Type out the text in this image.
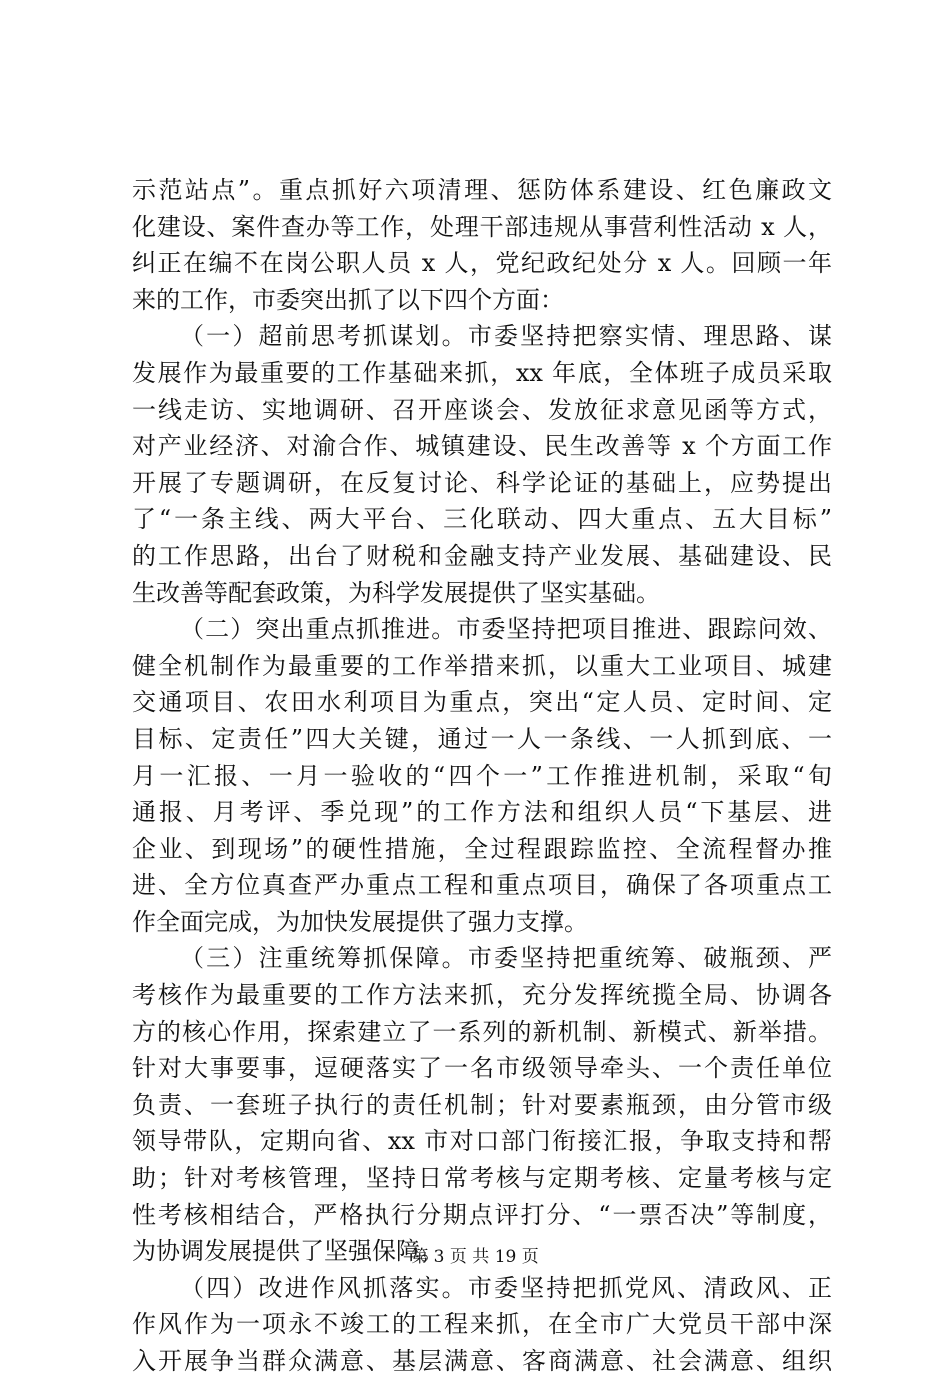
示范站点”。重点抓好六项清理、惩防体系建设、红色廉政文
化建设、案件查办等工作，处理干部违规从事营利性活动 x 人，
纠正在编不在岗公职人员 x 人，党纪政纪处分 x 人。回顾一年
来的工作，市委突出抓了以下四个方面：
（一）超前思考抓谋划。市委坚持把察实情、理思路、谋
发展作为最重要的工作基础来抓，xx 年底，全体班子成员采取
一线走访、实地调研、召开座谈会、发放征求意见函等方式，
对产业经济、对渝合作、城镇建设、民生改善等 x 个方面工作
开展了专题调研，在反复讨论、科学论证的基础上，应势提出
了“一条主线、两大平台、三化联动、四大重点、五大目标”
的工作思路，出台了财税和金融支持产业发展、基础建设、民
生改善等配套政策，为科学发展提供了坚实基础。
（二）突出重点抓推进。市委坚持把项目推进、跟踪问效、
健全机制作为最重要的工作举措来抓，以重大工业项目、城建
交通项目、农田水利项目为重点，突出“定人员、定时间、定
目标、定责任”四大关键，通过一人一条线、一人抓到底、一
月一汇报、一月一验收的“四个一”工作推进机制，采取“旬
通报、月考评、季兑现”的工作方法和组织人员“下基层、进
企业、到现场”的硬性措施，全过程跟踪监控、全流程督办推
进、全方位真查严办重点工程和重点项目，确保了各项重点工
作全面完成，为加快发展提供了强力支撑。
（三）注重统筹抓保障。市委坚持把重统筹、破瓶颈、严
考核作为最重要的工作方法来抓，充分发挥统揽全局、协调各
方的核心作用，探索建立了一系列的新机制、新模式、新举措。
针对大事要事，逗硬落实了一名市级领导牵头、一个责任单位
负责、一套班子执行的责任机制；针对要素瓶颈，由分管市级
领导带队，定期向省、xx 市对口部门衔接汇报，争取支持和帮
助；针对考核管理，坚持日常考核与定期考核、定量考核与定
性考核相结合，严格执行分期点评打分、“一票否决”等制度，
为协调发展提供了坚强保障。
（四）改进作风抓落实。市委坚持把抓党风、清政风、正
作风作为一项永不竣工的工程来抓，在全市广大党员干部中深
入开展争当群众满意、基层满意、客商满意、社会满意、组织
第 3 页 共 19 页
